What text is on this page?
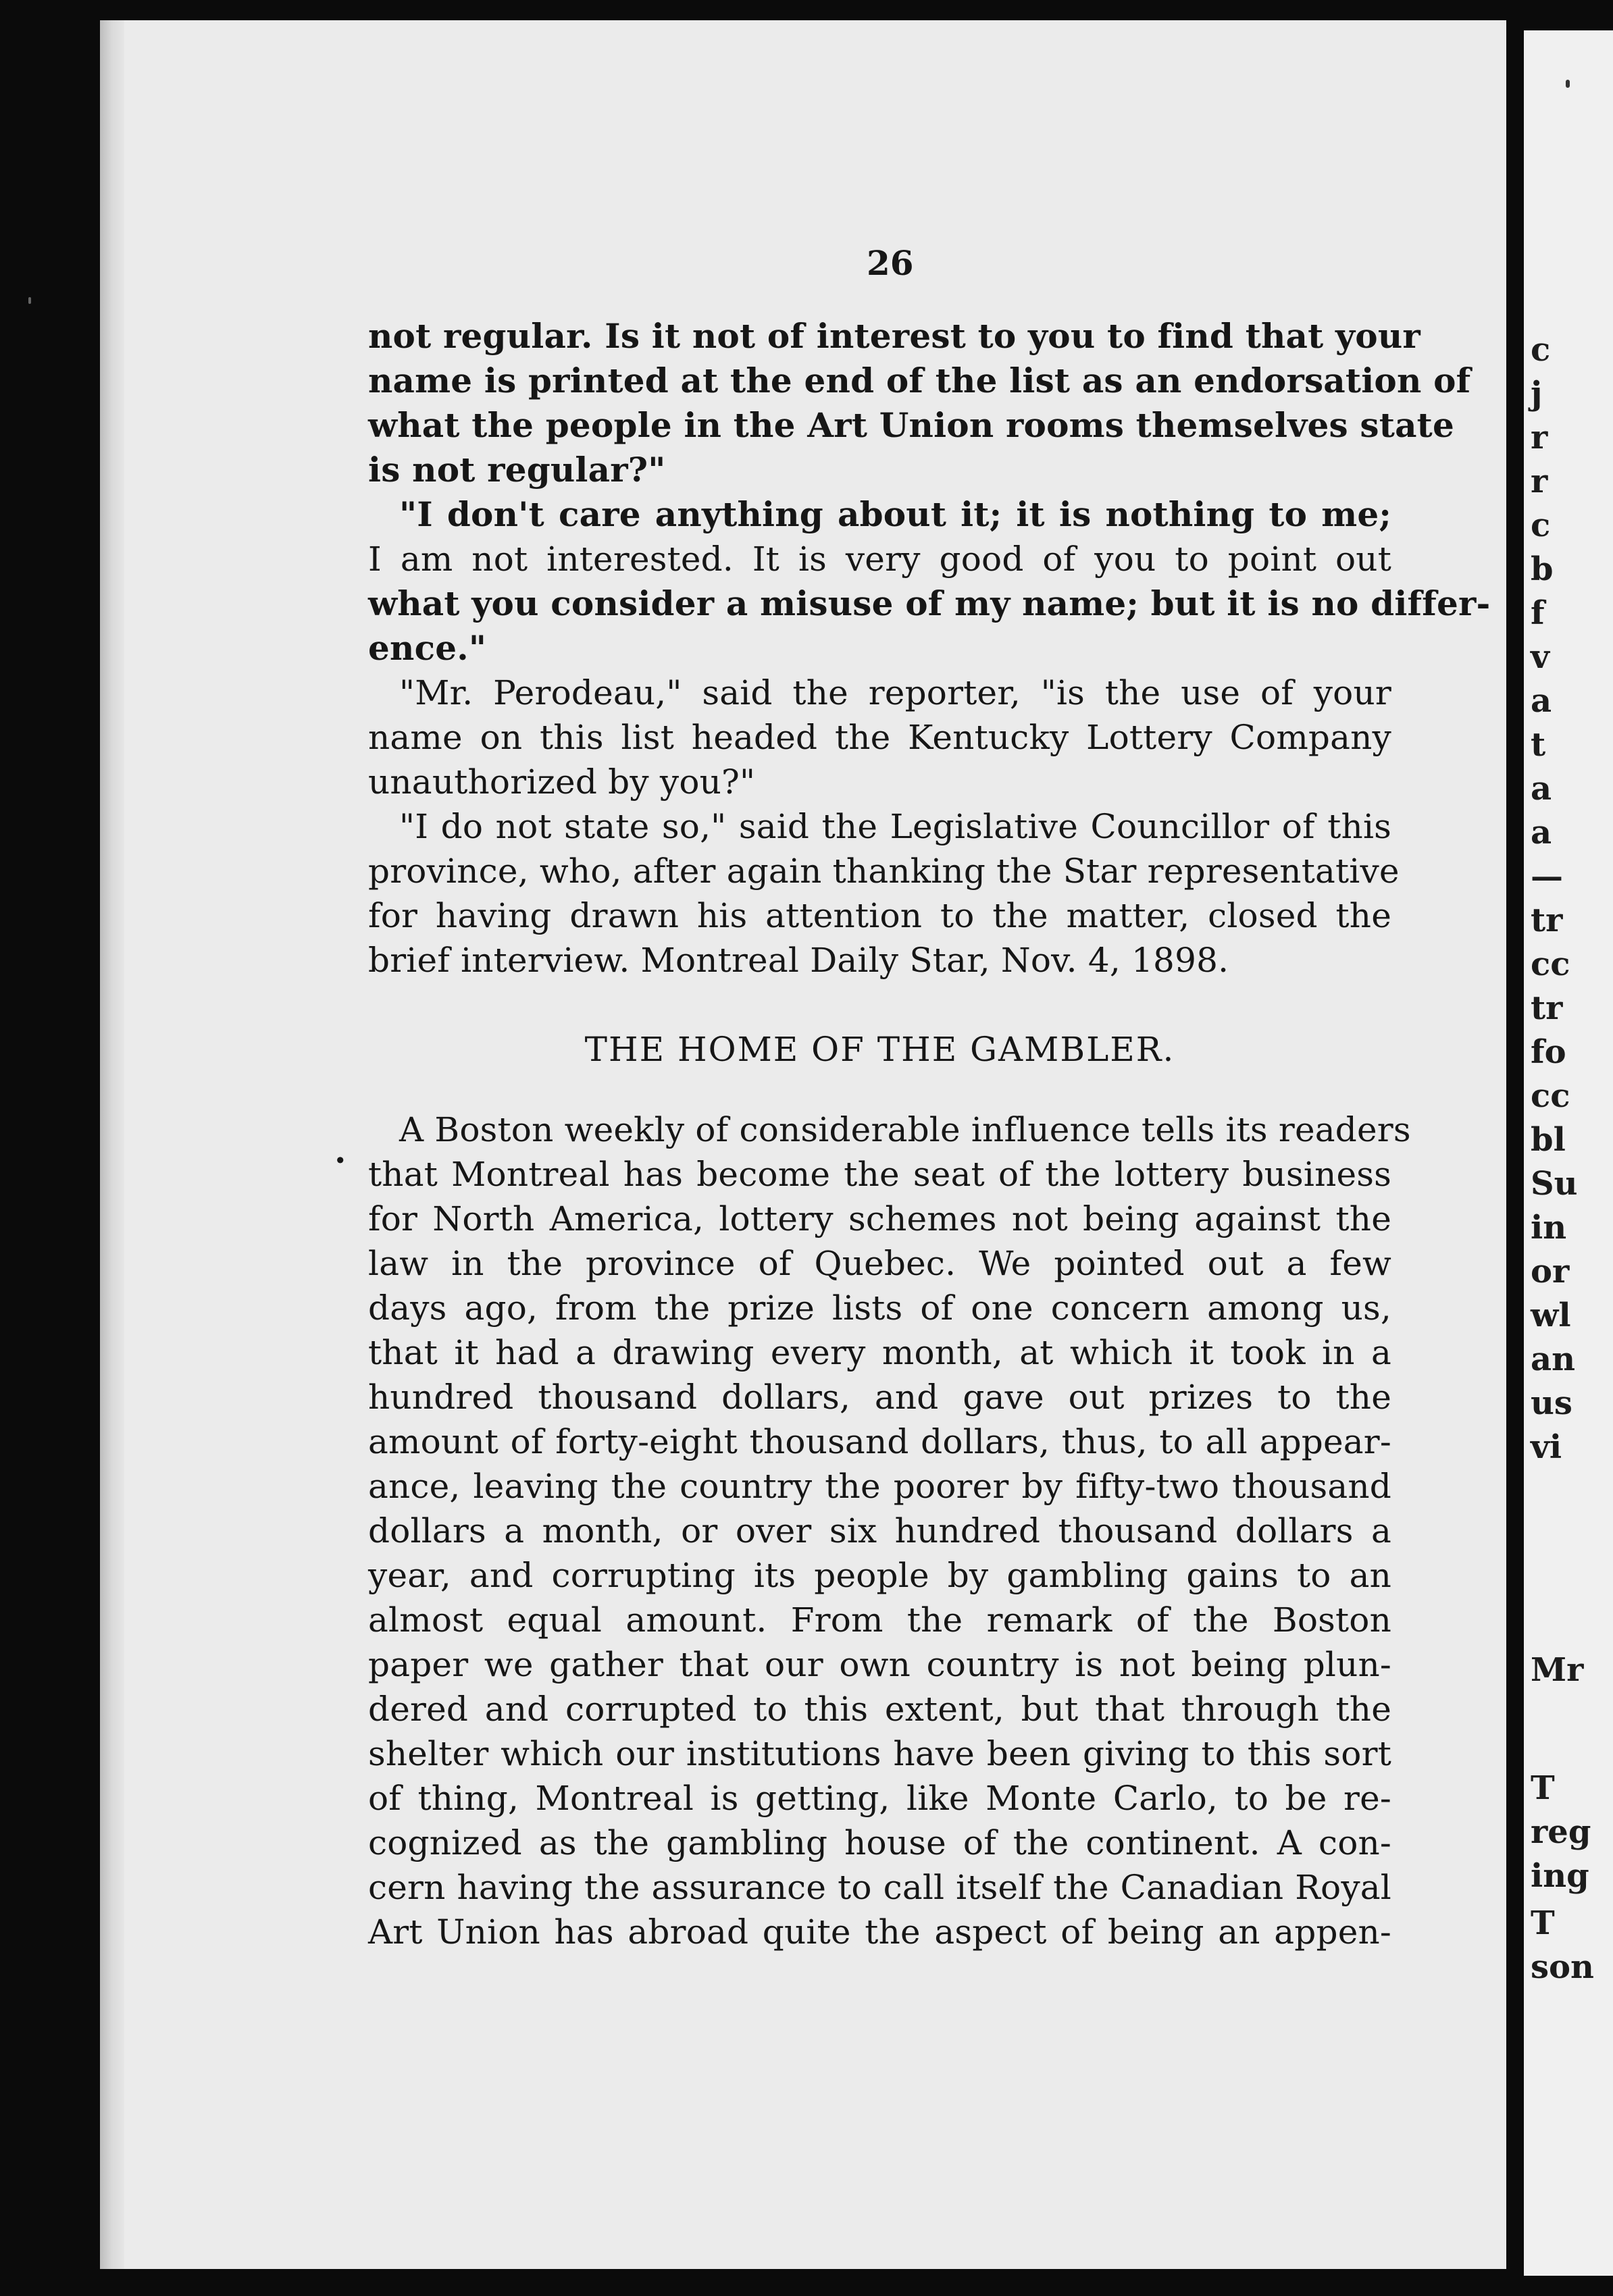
c
j
r
r
c
b
f
v
a
t
a
a
—
tr
cc
tr
fo
cc
bl
Su
in
or
wl
an
us
vi
Mr
T
reg
ing
T
son
26
not regular. Is it not of interest to you to find that your
name is printed at the end of the list as an endorsation of
what the people in the Art Union rooms themselves state
is not regular?"
"I don't care anything about it; it is nothing to me;
I am not interested. It is very good of you to point out
what you consider a misuse of my name; but it is no differ-
ence."
"Mr. Perodeau," said the reporter, "is the use of your
name on this list headed the Kentucky Lottery Company
unauthorized by you?"
"I do not state so," said the Legislative Councillor of this
province, who, after again thanking the Star representative
for having drawn his attention to the matter, closed the
brief interview. Montreal Daily Star, Nov. 4, 1898.
THE HOME OF THE GAMBLER.
.
A Boston weekly of considerable influence tells its readers
that Montreal has become the seat of the lottery business
for North America, lottery schemes not being against the
law in the province of Quebec. We pointed out a few
days ago, from the prize lists of one concern among us,
that it had a drawing every month, at which it took in a
hundred thousand dollars, and gave out prizes to the
amount of forty-eight thousand dollars, thus, to all appear-
ance, leaving the country the poorer by fifty-two thousand
dollars a month, or over six hundred thousand dollars a
year, and corrupting its people by gambling gains to an
almost equal amount. From the remark of the Boston
paper we gather that our own country is not being plun-
dered and corrupted to this extent, but that through the
shelter which our institutions have been giving to this sort
of thing, Montreal is getting, like Monte Carlo, to be re-
cognized as the gambling house of the continent. A con-
cern having the assurance to call itself the Canadian Royal
Art Union has abroad quite the aspect of being an appen-
